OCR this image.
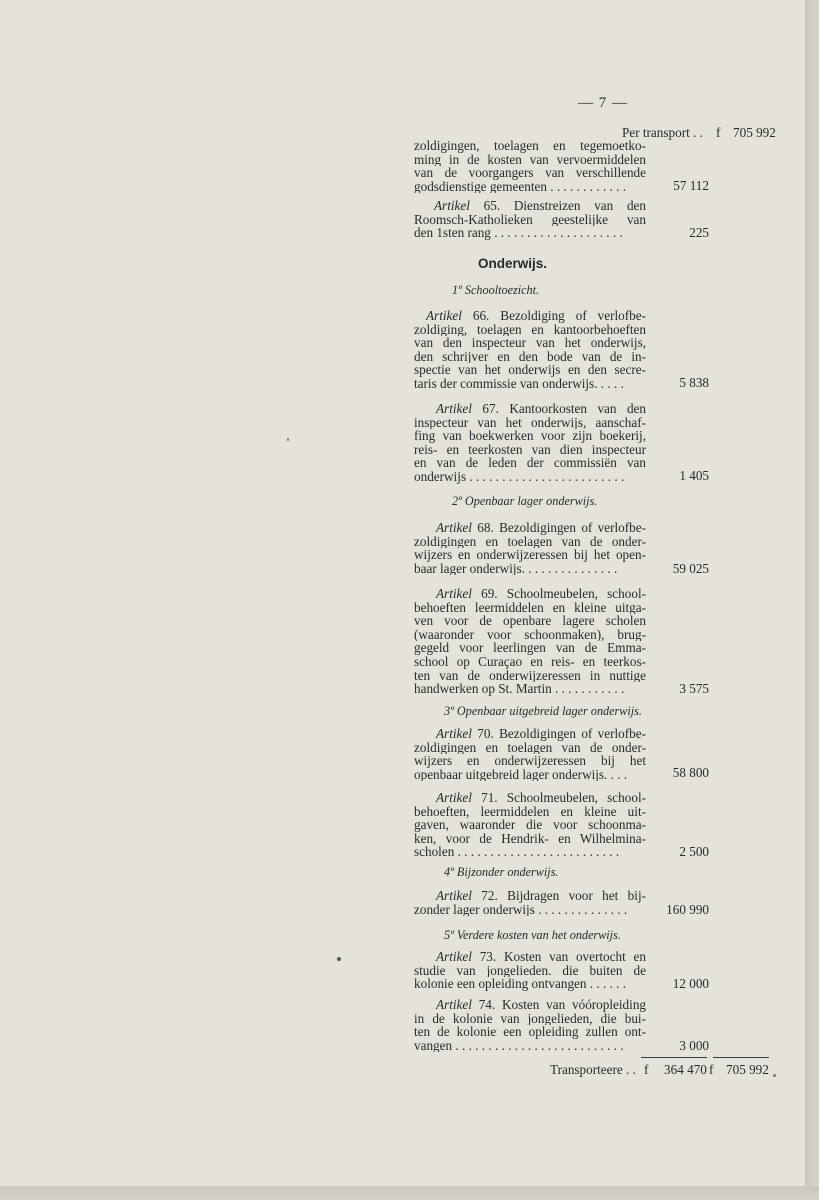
— 7 —
Per transport . . f 705 992
zoldigingen, toelagen en tegemoetko-
ming in de kosten van vervoermiddelen
van de voorgangers van verschillende
godsdienstige gemeenten . . . . . . . . . . . .	57 112
Artikel 65. Dienstreizen van den
Roomsch-Katholieken geestelijke van
den 1sten rang . . . . . . . . . . . . . . . . . . . .	225
Onderwijs.
1º Schooltoezicht.
Artikel 66. Bezoldiging of verlofbe-
zoldiging, toelagen en kantoorbehoeften
van den inspecteur van het onderwijs,
den schrijver en den bode van de in-
spectie van het onderwijs en den secre-
taris der commissie van onderwijs. . . . .	5 838
Artikel 67. Kantoorkosten van den
inspecteur van het onderwijs, aanschaf-
fing van boekwerken voor zijn boekerij,
reis- en teerkosten van dien inspecteur
en van de leden der commissiën van
onderwijs . . . . . . . . . . . . . . . . . . . . . . . .	1 405
2º Openbaar lager onderwijs.
Artikel 68. Bezoldigingen of verlofbe-
zoldigingen en toelagen van de onder-
wijzers en onderwijzeressen bij het open-
baar lager onderwijs. . . . . . . . . . . . . . .	59 025
Artikel 69. Schoolmeubelen, school-
behoeften leermiddelen en kleine uitga-
ven voor de openbare lagere scholen
(waaronder voor schoonmaken), brug-
gegeld voor leerlingen van de Emma-
school op Curaçao en reis- en teerkos-
ten van de onderwijzeressen in nuttige
handwerken op St. Martin . . . . . . . . . . .	3 575
3º Openbaar uitgebreid lager onderwijs.
Artikel 70. Bezoldigingen of verlofbe-
zoldigingen en toelagen van de onder-
wijzers en onderwijzeressen bij het
openbaar uitgebreid lager onderwijs. . . .	58 800
Artikel 71. Schoolmeubelen, school-
behoeften, leermiddelen en kleine uit-
gaven, waaronder die voor schoonma-
ken, voor de Hendrik- en Wilhelmina-
scholen . . . . . . . . . . . . . . . . . . . . . . . . .	2 500
4º Bijzonder onderwijs.
Artikel 72. Bijdragen voor het bij-
zonder lager onderwijs . . . . . . . . . . . . . .	160 990
5º Verdere kosten van het onderwijs.
Artikel 73. Kosten van overtocht en
studie van jongelieden. die buiten de
kolonie een opleiding ontvangen . . . . . .	12 000
Artikel 74. Kosten van vóóropleiding
in de kolonie van jongelieden, die bui-
ten de kolonie een opleiding zullen ont-
vangen . . . . . . . . . . . . . . . . . . . . . . . . . .	3 000
Transporteere . . f 364 470 f 705 992
